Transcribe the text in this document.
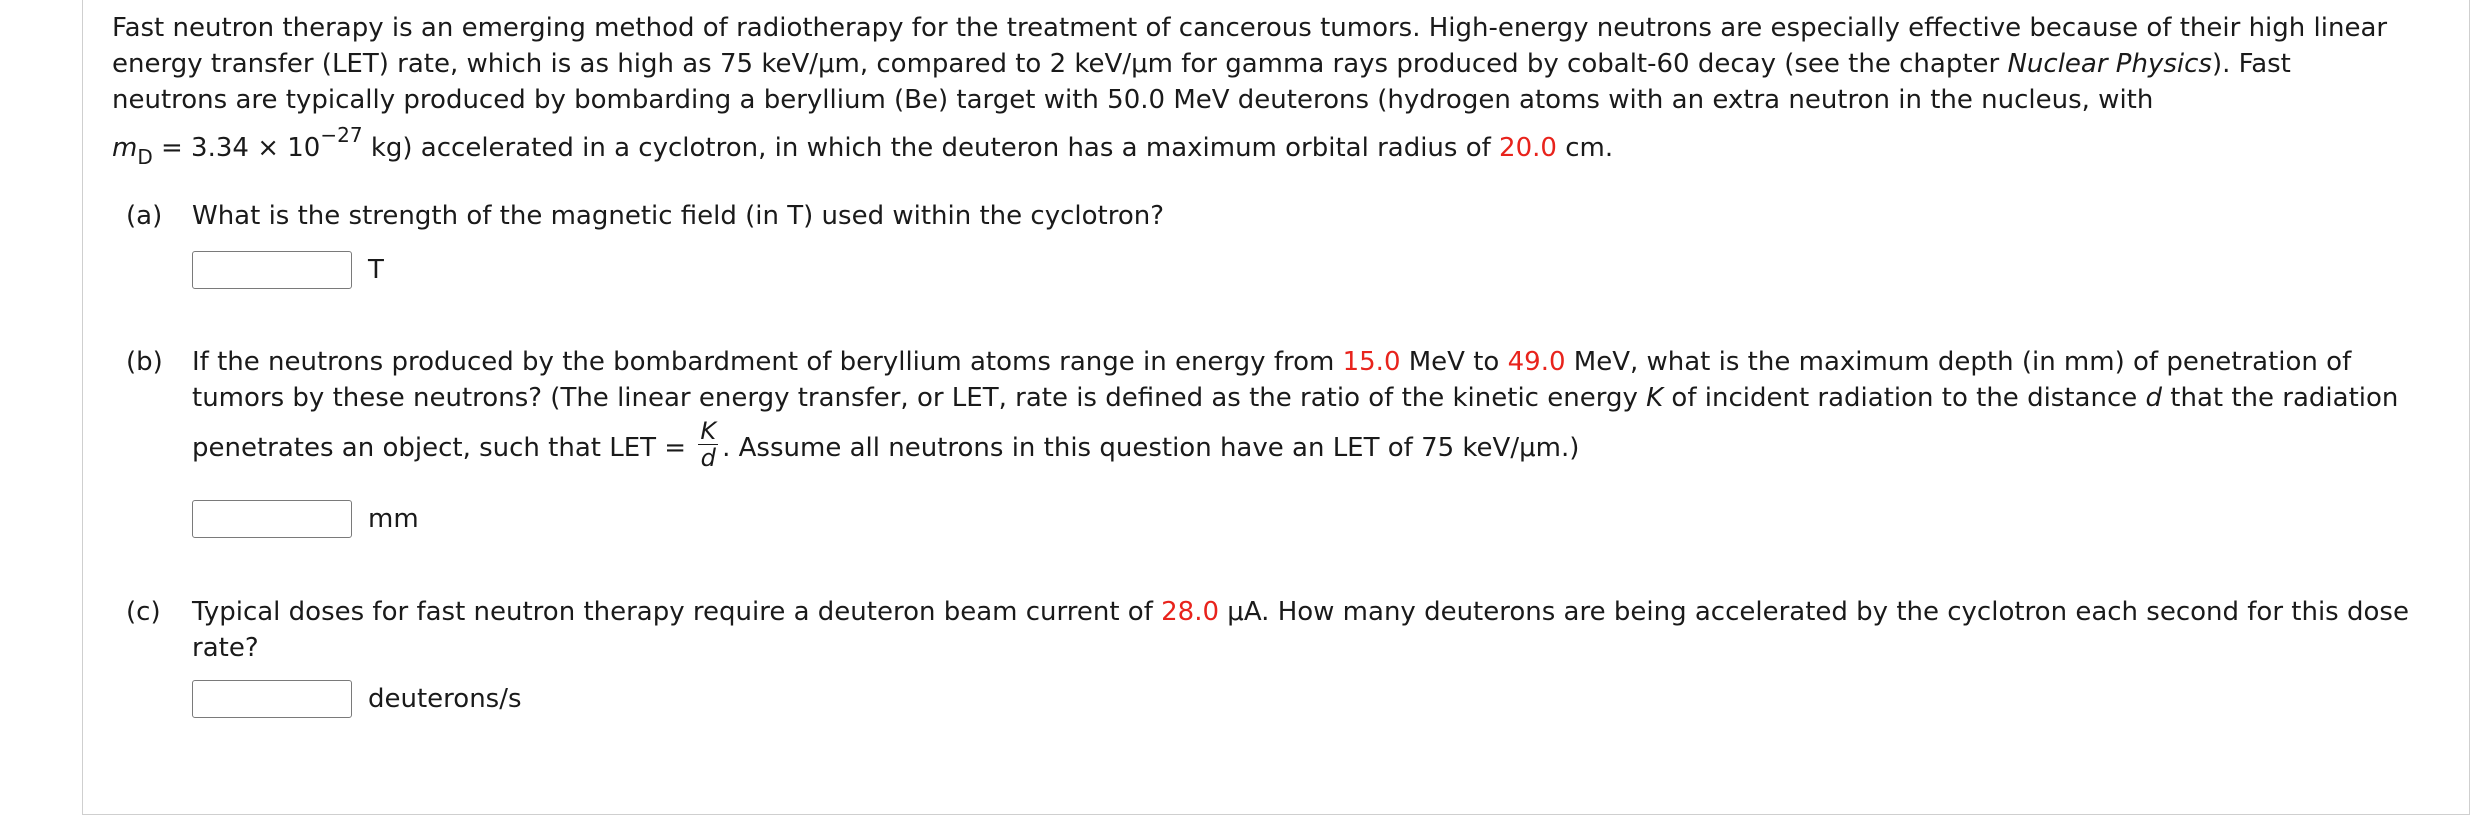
Fast neutron therapy is an emerging method of radiotherapy for the treatment of cancerous tumors. High-energy neutrons are especially effective because of their high linear
energy transfer (LET) rate, which is as high as 75 keV/μm, compared to 2 keV/μm for gamma rays produced by cobalt-60 decay (see the chapter Nuclear Physics). Fast
neutrons are typically produced by bombarding a beryllium (Be) target with 50.0 MeV deuterons (hydrogen atoms with an extra neutron in the nucleus, with
$m_D = 3.34 \times 10^{-27}$ kg) accelerated in a cyclotron, in which the deuteron has a maximum orbital radius of 20.0 cm.
(a) What is the strength of the magnetic field (in T) used within the cyclotron?
T
(b) If the neutrons produced by the bombardment of beryllium atoms range in energy from 15.0 MeV to 49.0 MeV, what is the maximum depth (in mm) of penetration of
tumors by these neutrons? (The linear energy transfer, or LET, rate is defined as the ratio of the kinetic energy K of incident radiation to the distance d that the radiation
penetrates an object, such that LET = $\frac{K}{d}$ . Assume all neutrons in this question have an LET of 75 keV/μm.)
mm
(c) Typical doses for fast neutron therapy require a deuteron beam current of 28.0 μA. How many deuterons are being accelerated by the cyclotron each second for this dose
rate?
deuterons/s
